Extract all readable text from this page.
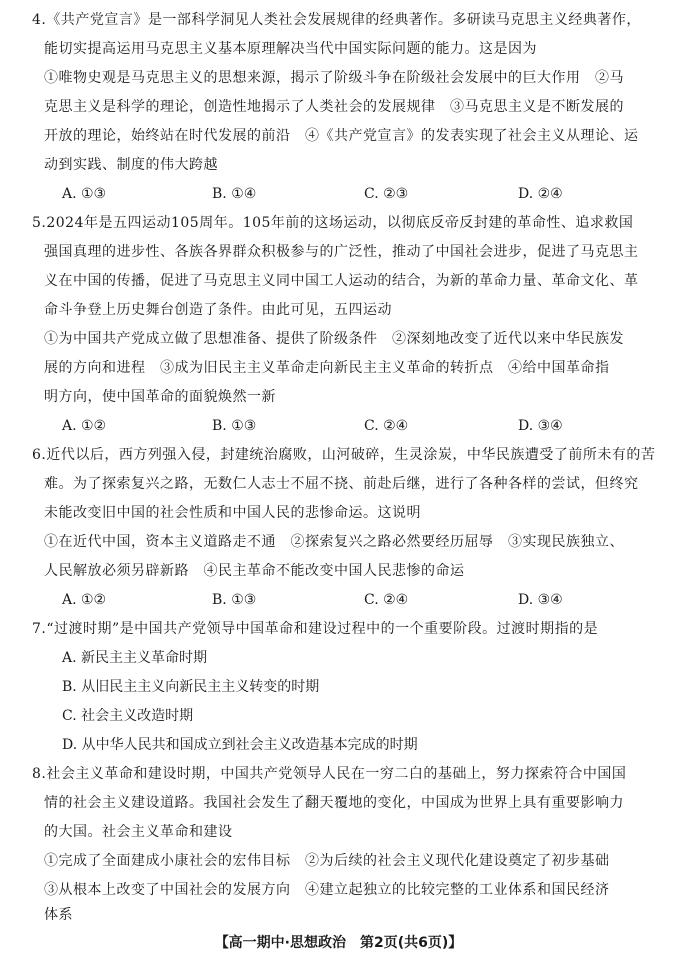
4.《共产党宣言》是一部科学洞见人类社会发展规律的经典著作。多研读马克思主义经典著作，
能切实提高运用马克思主义基本原理解决当代中国实际问题的能力。这是因为
①唯物史观是马克思主义的思想来源，揭示了阶级斗争在阶级社会发展中的巨大作用　②马
克思主义是科学的理论，创造性地揭示了人类社会的发展规律　③马克思主义是不断发展的
开放的理论，始终站在时代发展的前沿　④《共产党宣言》的发表实现了社会主义从理论、运
动到实践、制度的伟大跨越
A. ①③	B. ①④	C. ②③	D. ②④
5.2024年是五四运动105周年。105年前的这场运动，以彻底反帝反封建的革命性、追求救国
强国真理的进步性、各族各界群众积极参与的广泛性，推动了中国社会进步，促进了马克思主
义在中国的传播，促进了马克思主义同中国工人运动的结合，为新的革命力量、革命文化、革
命斗争登上历史舞台创造了条件。由此可见，五四运动
①为中国共产党成立做了思想准备、提供了阶级条件　②深刻地改变了近代以来中华民族发
展的方向和进程　③成为旧民主主义革命走向新民主主义革命的转折点　④给中国革命指
明方向，使中国革命的面貌焕然一新
A. ①②	B. ①③	C. ②④	D. ③④
6.近代以后，西方列强入侵，封建统治腐败，山河破碎，生灵涂炭，中华民族遭受了前所未有的苦
难。为了探索复兴之路，无数仁人志士不屈不挠、前赴后继，进行了各种各样的尝试，但终究
未能改变旧中国的社会性质和中国人民的悲惨命运。这说明
①在近代中国，资本主义道路走不通　②探索复兴之路必然要经历屈辱　③实现民族独立、
人民解放必须另辟新路　④民主革命不能改变中国人民悲惨的命运
A. ①②	B. ①③	C. ②④	D. ③④
7.“过渡时期”是中国共产党领导中国革命和建设过程中的一个重要阶段。过渡时期指的是
A. 新民主主义革命时期
B. 从旧民主主义向新民主主义转变的时期
C. 社会主义改造时期
D. 从中华人民共和国成立到社会主义改造基本完成的时期
8.社会主义革命和建设时期，中国共产党领导人民在一穷二白的基础上，努力探索符合中国国
情的社会主义建设道路。我国社会发生了翻天覆地的变化，中国成为世界上具有重要影响力
的大国。社会主义革命和建设
①完成了全面建成小康社会的宏伟目标　②为后续的社会主义现代化建设奠定了初步基础
③从根本上改变了中国社会的发展方向　④建立起独立的比较完整的工业体系和国民经济
体系
【高一期中·思想政治　第2页(共6页)】
